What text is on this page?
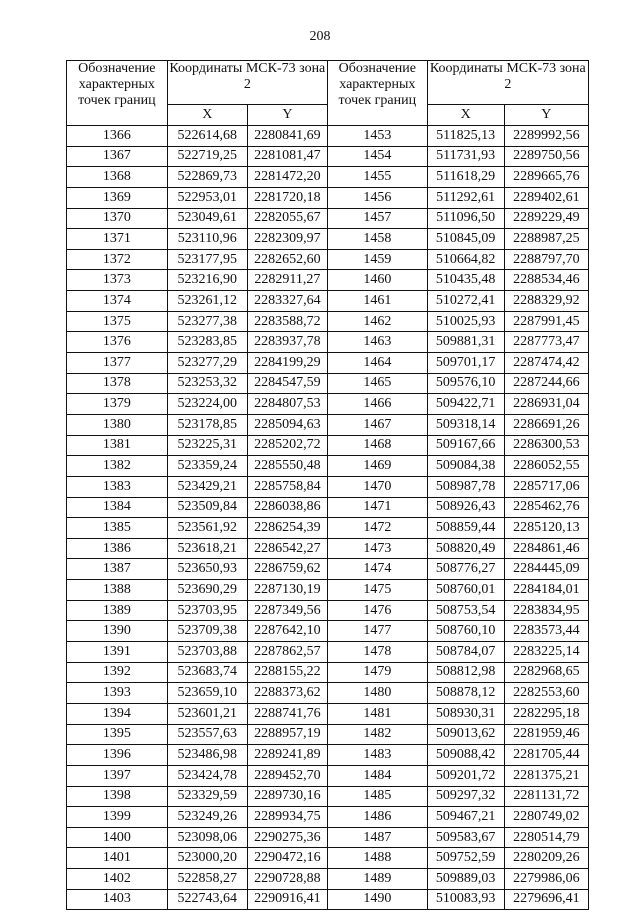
208
Обозначение характерных точек границ	Координаты МСК-73 зона 2		Обозначение характерных точек границ	Координаты МСК-73 зона 2	
	X	Y		X	Y
1366	522614,68	2280841,69	1453	511825,13	2289992,56
1367	522719,25	2281081,47	1454	511731,93	2289750,56
1368	522869,73	2281472,20	1455	511618,29	2289665,76
1369	522953,01	2281720,18	1456	511292,61	2289402,61
1370	523049,61	2282055,67	1457	511096,50	2289229,49
1371	523110,96	2282309,97	1458	510845,09	2288987,25
1372	523177,95	2282652,60	1459	510664,82	2288797,70
1373	523216,90	2282911,27	1460	510435,48	2288534,46
1374	523261,12	2283327,64	1461	510272,41	2288329,92
1375	523277,38	2283588,72	1462	510025,93	2287991,45
1376	523283,85	2283937,78	1463	509881,31	2287773,47
1377	523277,29	2284199,29	1464	509701,17	2287474,42
1378	523253,32	2284547,59	1465	509576,10	2287244,66
1379	523224,00	2284807,53	1466	509422,71	2286931,04
1380	523178,85	2285094,63	1467	509318,14	2286691,26
1381	523225,31	2285202,72	1468	509167,66	2286300,53
1382	523359,24	2285550,48	1469	509084,38	2286052,55
1383	523429,21	2285758,84	1470	508987,78	2285717,06
1384	523509,84	2286038,86	1471	508926,43	2285462,76
1385	523561,92	2286254,39	1472	508859,44	2285120,13
1386	523618,21	2286542,27	1473	508820,49	2284861,46
1387	523650,93	2286759,62	1474	508776,27	2284445,09
1388	523690,29	2287130,19	1475	508760,01	2284184,01
1389	523703,95	2287349,56	1476	508753,54	2283834,95
1390	523709,38	2287642,10	1477	508760,10	2283573,44
1391	523703,88	2287862,57	1478	508784,07	2283225,14
1392	523683,74	2288155,22	1479	508812,98	2282968,65
1393	523659,10	2288373,62	1480	508878,12	2282553,60
1394	523601,21	2288741,76	1481	508930,31	2282295,18
1395	523557,63	2288957,19	1482	509013,62	2281959,46
1396	523486,98	2289241,89	1483	509088,42	2281705,44
1397	523424,78	2289452,70	1484	509201,72	2281375,21
1398	523329,59	2289730,16	1485	509297,32	2281131,72
1399	523249,26	2289934,75	1486	509467,21	2280749,02
1400	523098,06	2290275,36	1487	509583,67	2280514,79
1401	523000,20	2290472,16	1488	509752,59	2280209,26
1402	522858,27	2290728,88	1489	509889,03	2279986,06
1403	522743,64	2290916,41	1490	510083,93	2279696,41
